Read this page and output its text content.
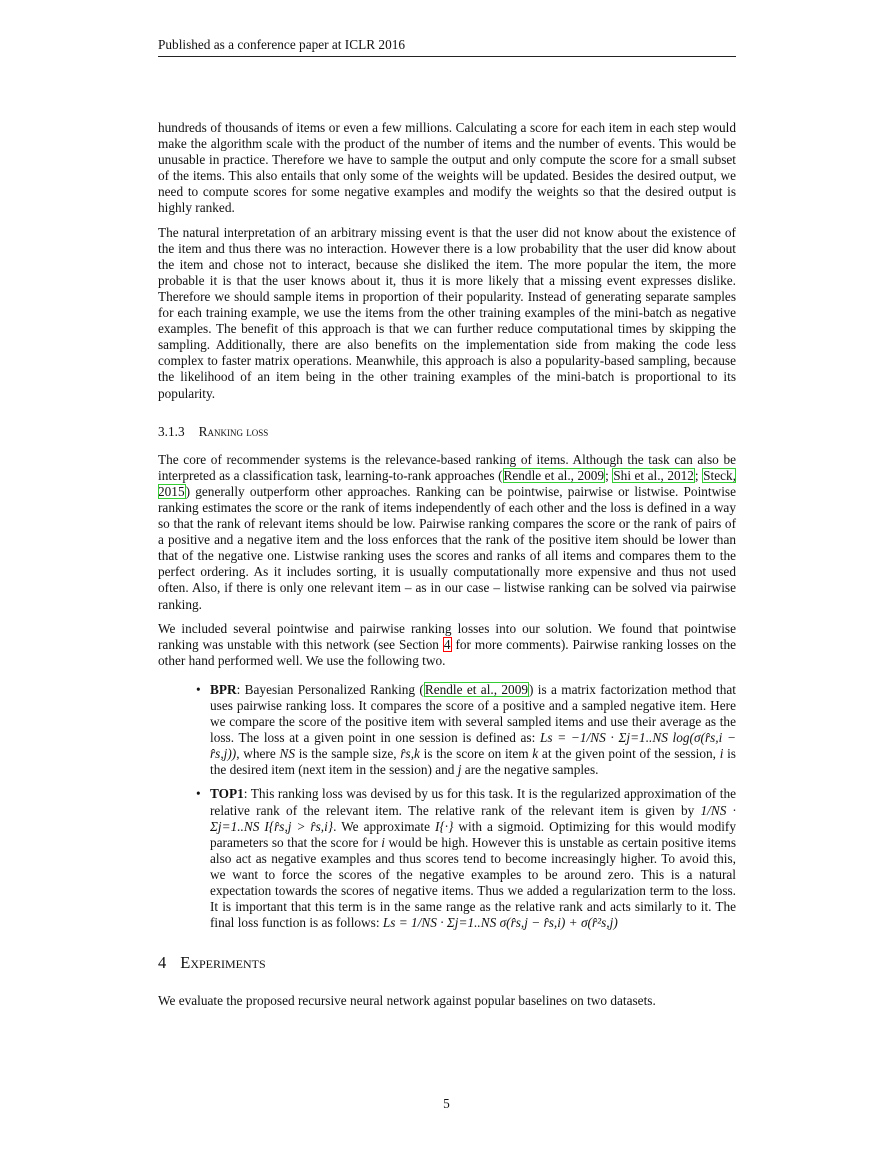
Published as a conference paper at ICLR 2016

hundreds of thousands of items or even a few millions. Calculating a score for each item in each step would make the algorithm scale with the product of the number of items and the number of events. This would be unusable in practice. Therefore we have to sample the output and only compute the score for a small subset of the items. This also entails that only some of the weights will be updated. Besides the desired output, we need to compute scores for some negative examples and modify the weights so that the desired output is highly ranked.

The natural interpretation of an arbitrary missing event is that the user did not know about the existence of the item and thus there was no interaction. However there is a low probability that the user did know about the item and chose not to interact, because she disliked the item. The more popular the item, the more probable it is that the user knows about it, thus it is more likely that a missing event expresses dislike. Therefore we should sample items in proportion of their popularity. Instead of generating separate samples for each training example, we use the items from the other training examples of the mini-batch as negative examples. The benefit of this approach is that we can further reduce computational times by skipping the sampling. Additionally, there are also benefits on the implementation side from making the code less complex to faster matrix operations. Meanwhile, this approach is also a popularity-based sampling, because the likelihood of an item being in the other training examples of the mini-batch is proportional to its popularity.

3.1.3 Ranking loss

The core of recommender systems is the relevance-based ranking of items. Although the task can also be interpreted as a classification task, learning-to-rank approaches (Rendle et al., 2009; Shi et al., 2012; Steck, 2015) generally outperform other approaches. Ranking can be pointwise, pairwise or listwise. Pointwise ranking estimates the score or the rank of items independently of each other and the loss is defined in a way so that the rank of relevant items should be low. Pairwise ranking compares the score or the rank of pairs of a positive and a negative item and the loss enforces that the rank of the positive item should be lower than that of the negative one. Listwise ranking uses the scores and ranks of all items and compares them to the perfect ordering. As it includes sorting, it is usually computationally more expensive and thus not used often. Also, if there is only one relevant item – as in our case – listwise ranking can be solved via pairwise ranking.

We included several pointwise and pairwise ranking losses into our solution. We found that pointwise ranking was unstable with this network (see Section 4 for more comments). Pairwise ranking losses on the other hand performed well. We use the following two.

• BPR: Bayesian Personalized Ranking (Rendle et al., 2009) is a matrix factorization method that uses pairwise ranking loss. It compares the score of a positive and a sampled negative item. Here we compare the score of the positive item with several sampled items and use their average as the loss. The loss at a given point in one session is defined as: Ls = −1/NS · Σj=1..NS log(σ(r̂s,i − r̂s,j)), where NS is the sample size, r̂s,k is the score on item k at the given point of the session, i is the desired item (next item in the session) and j are the negative samples.
• TOP1: This ranking loss was devised by us for this task. It is the regularized approximation of the relative rank of the relevant item. The relative rank of the relevant item is given by 1/NS · Σj=1..NS I{r̂s,j > r̂s,i}. We approximate I{·} with a sigmoid. Optimizing for this would modify parameters so that the score for i would be high. However this is unstable as certain positive items also act as negative examples and thus scores tend to become increasingly higher. To avoid this, we want to force the scores of the negative examples to be around zero. This is a natural expectation towards the scores of negative items. Thus we added a regularization term to the loss. It is important that this term is in the same range as the relative rank and acts similarly to it. The final loss function is as follows: Ls = 1/NS · Σj=1..NS σ(r̂s,j − r̂s,i) + σ(r̂²s,j)
4 Experiments

We evaluate the proposed recursive neural network against popular baselines on two datasets.

5
